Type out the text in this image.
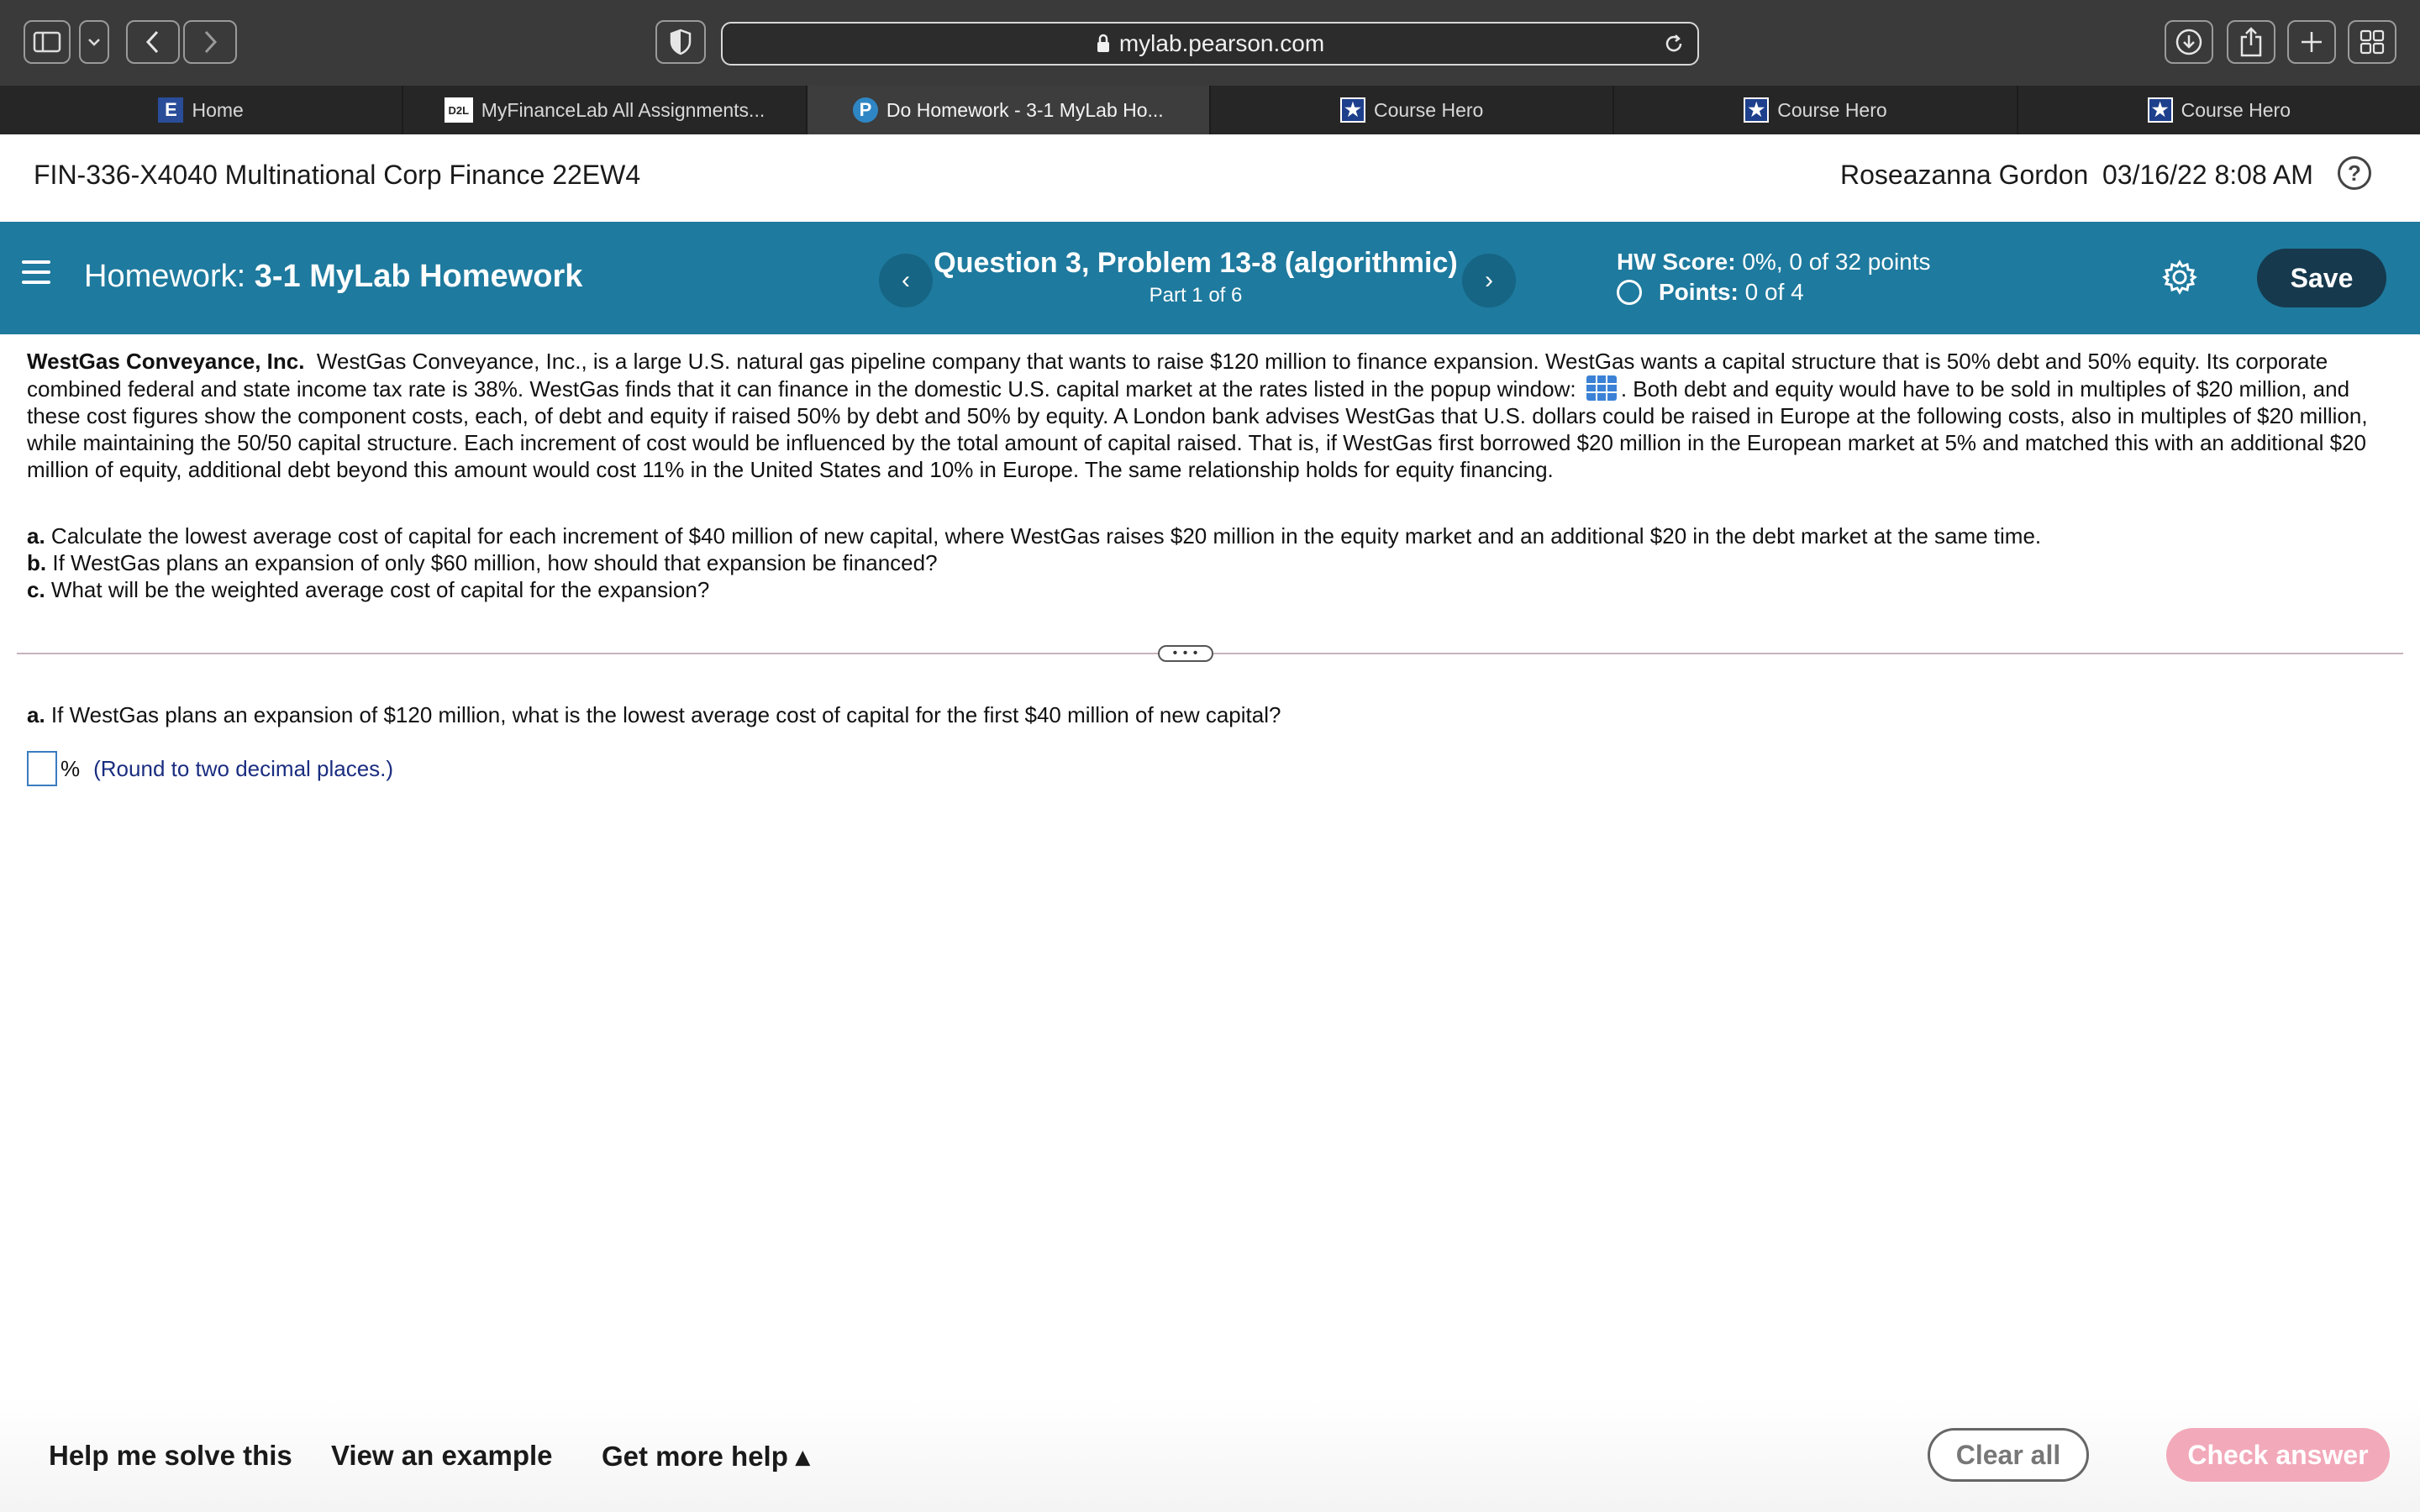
mylab.pearson.com
E Home	D2L MyFinanceLab All Assignments...	P Do Homework - 3-1 MyLab Ho...	★ Course Hero	★ Course Hero	★ Course Hero
FIN-336-X4040 Multinational Corp Finance 22EW4	Roseazanna Gordon 03/16/22 8:08 AM	?
Homework: 3-1 MyLab Homework	‹
Question 3, Problem 13-8 (algorithmic)
Part 1 of 6
›
HW Score: 0%, 0 of 32 points
Points:
0 of 4	Save

WestGas Conveyance, Inc. WestGas Conveyance, Inc., is a large U.S. natural gas pipeline company that wants to raise $120 million to finance expansion. WestGas wants a capital structure that is 50% debt and 50% equity. Its corporate combined federal and state income tax rate is 38%. WestGas finds that it can finance in the domestic U.S. capital market at the rates listed in the popup window: . Both debt and equity would have to be sold in multiples of $20 million, and these cost figures show the component costs, each, of debt and equity if raised 50% by debt and 50% by equity. A London bank advises WestGas that U.S. dollars could be raised in Europe at the following costs, also in multiples of $20 million, while maintaining the 50/50 capital structure. Each increment of cost would be influenced by the total amount of capital raised. That is, if WestGas first borrowed $20 million in the European market at 5% and matched this with an additional $20 million of equity, additional debt beyond this amount would cost 11% in the United States and 10% in Europe. The same relationship holds for equity financing.

a. Calculate the lowest average cost of capital for each increment of $40 million of new capital, where WestGas raises $20 million in the equity market and an additional $20 in the debt market at the same time.
b. If WestGas plans an expansion of only $60 million, how should that expansion be financed?
c. What will be the weighted average cost of capital for the expansion?
• • •
a. If WestGas plans an expansion of $120 million, what is the lowest average cost of capital for the first $40 million of new capital?
% (Round to two decimal places.)
Help me solve this View an example Get more help ▴	Clear all	Check answer
